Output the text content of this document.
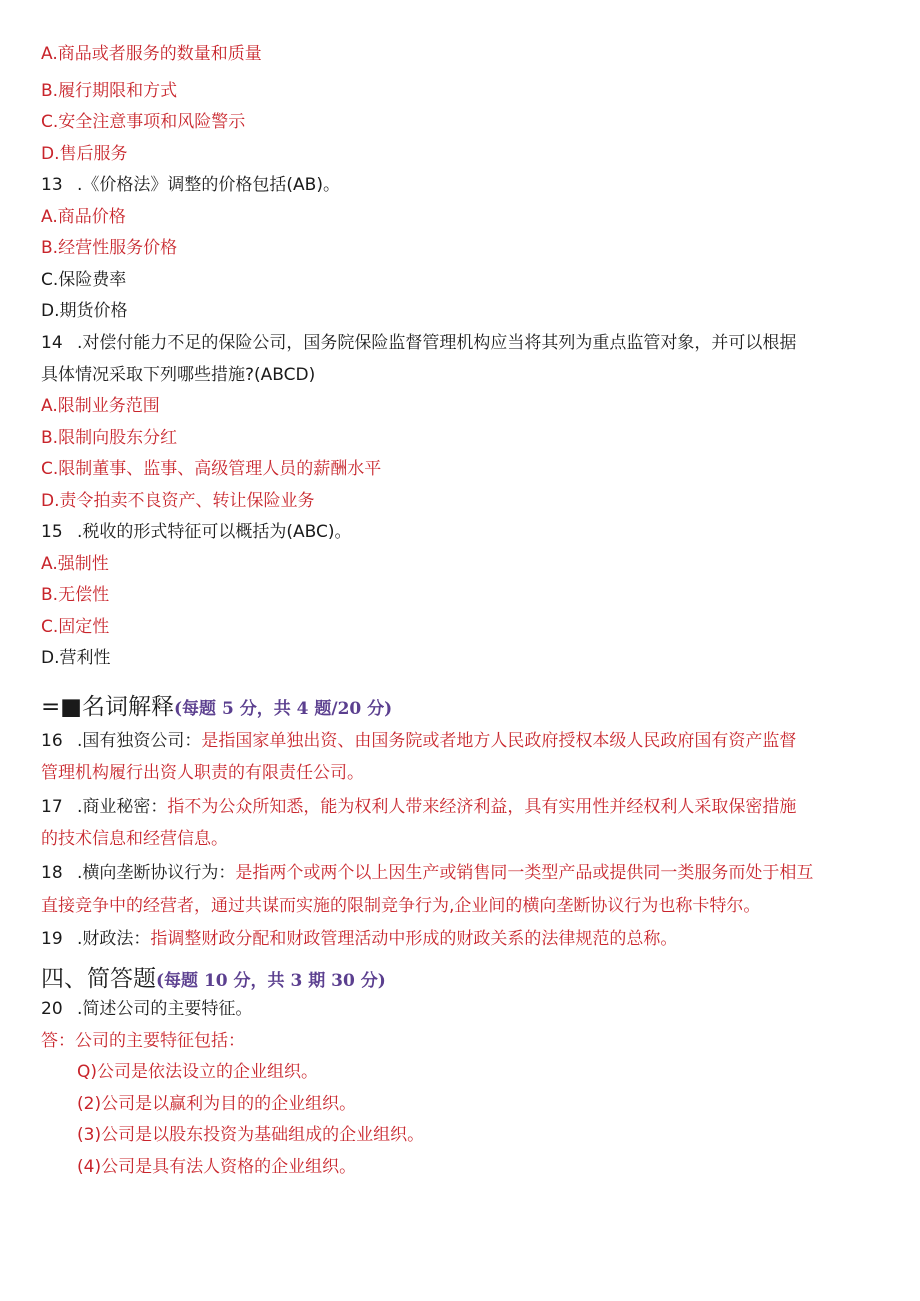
A.商品或者服务的数量和质量
B.履行期限和方式
C.安全注意事项和风险警示
D.售后服务
13 .《价格法》调整的价格包括(AB)。
A.商品价格
B.经营性服务价格
C.保险费率
D.期货价格
14 .对偿付能力不足的保险公司，国务院保险监督管理机构应当将其列为重点监管对象，并可以根据
具体情况采取下列哪些措施?(ABCD)
A.限制业务范围
B.限制向股东分红
C.限制董事、监事、高级管理人员的薪酬水平
D.责令拍卖不良资产、转让保险业务
15 .税收的形式特征可以概括为(ABC)。
A.强制性
B.无偿性
C.固定性
D.营利性
=■名词解释(每题 5 分，共 4 题/20 分)
16 .国有独资公司：是指国家单独出资、由国务院或者地方人民政府授权本级人民政府国有资产监督
管理机构履行出资人职责的有限责任公司。
17 .商业秘密：指不为公众所知悉，能为权利人带来经济利益，具有实用性并经权利人采取保密措施
的技术信息和经营信息。
18 .横向垄断协议行为：是指两个或两个以上因生产或销售同一类型产品或提供同一类服务而处于相互
直接竞争中的经营者，通过共谋而实施的限制竞争行为,企业间的横向垄断协议行为也称卡特尔。
19 .财政法：指调整财政分配和财政管理活动中形成的财政关系的法律规范的总称。
四、简答题(每题 10 分，共 3 期 30 分)
20 .简述公司的主要特征。
答：公司的主要特征包括：
Q)公司是依法设立的企业组织。
(2)公司是以赢利为目的的企业组织。
(3)公司是以股东投资为基础组成的企业组织。
(4)公司是具有法人资格的企业组织。
